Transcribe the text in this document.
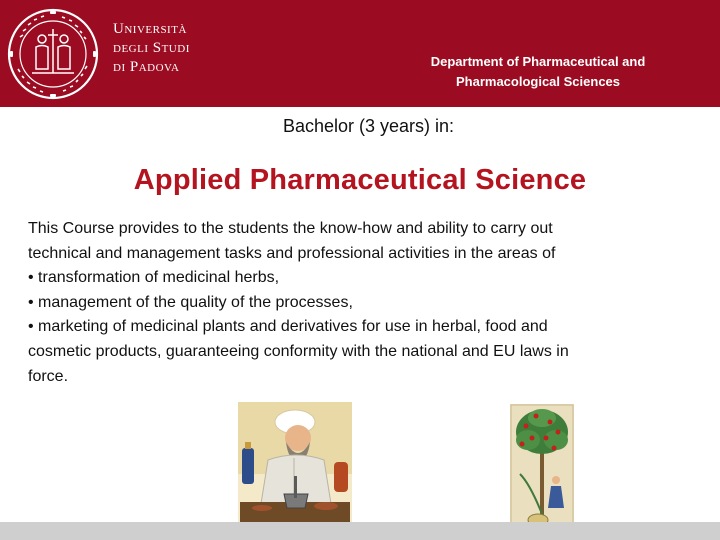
Università
degli Studi
di Padova	Department of Pharmaceutical and
Pharmacological Sciences
Bachelor (3 years) in:
Applied Pharmaceutical Science
This Course provides to the students the know-how and ability to carry out
technical and management tasks and professional activities in the areas of
• transformation of medicinal herbs,
• management of the quality of the processes,
• marketing of medicinal plants and derivatives for use in herbal, food and
cosmetic products, guaranteeing conformity with the national and EU laws in
force.
